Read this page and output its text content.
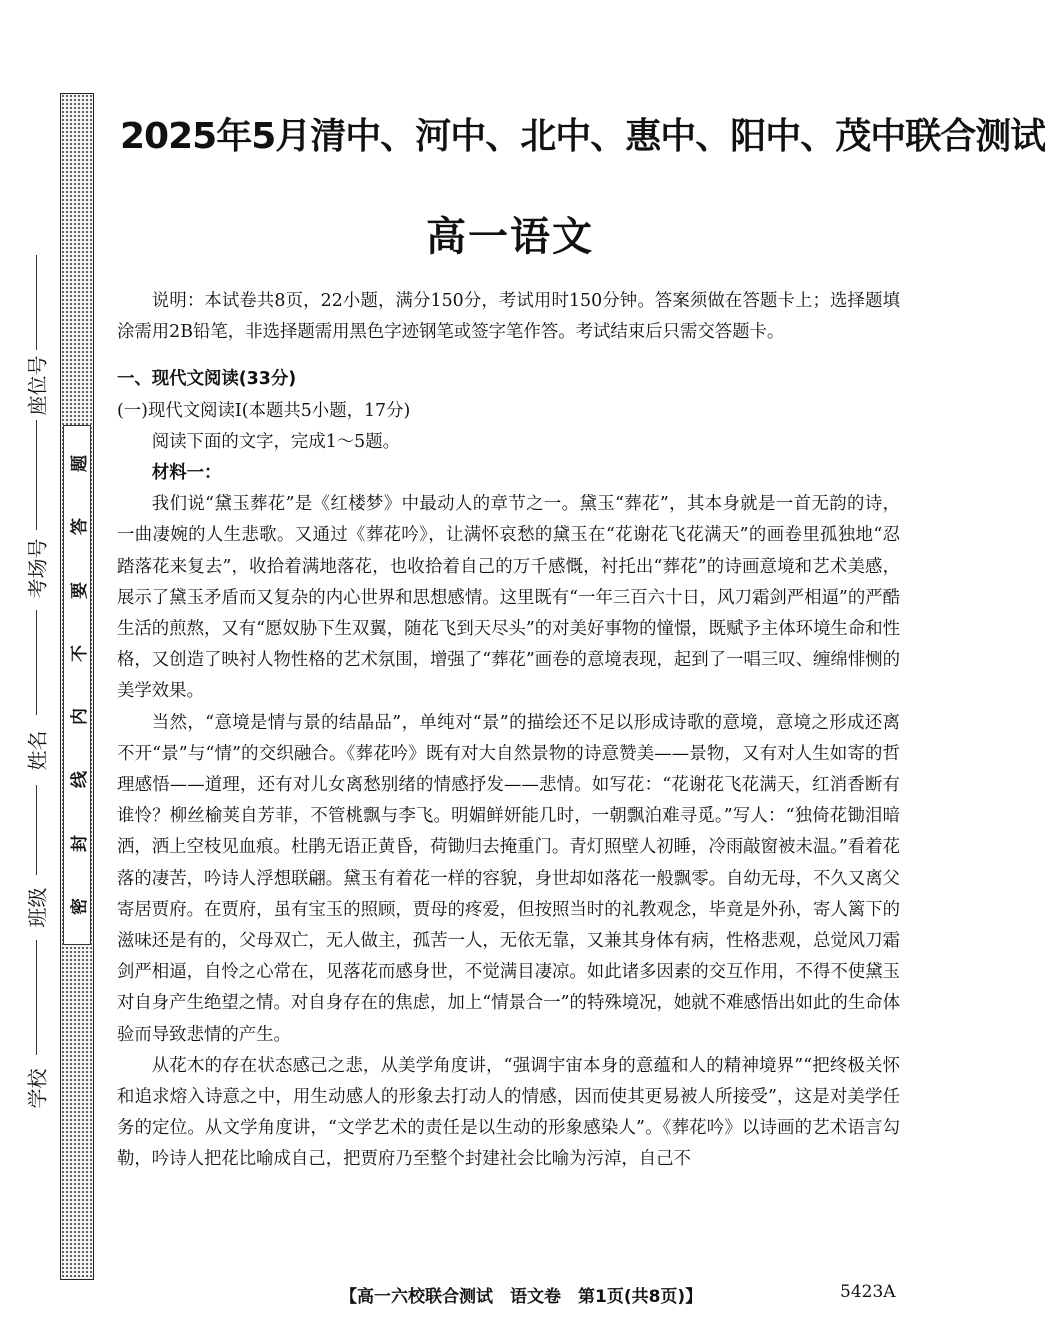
密
封
线
内
不
要
答
题
座位号
考场号
姓名
班级
学校
2025年5月清中、河中、北中、惠中、阳中、茂中联合测试
高一语文

说明：本试卷共8页，22小题，满分150分，考试用时150分钟。答案须做在答题卡上；选择题填涂需用2B铅笔，非选择题需用黑色字迹钢笔或签字笔作答。考试结束后只需交答题卡。

一、现代文阅读(33分)

(一)现代文阅读Ⅰ(本题共5小题，17分)

阅读下面的文字，完成1～5题。

材料一：

我们说“黛玉葬花”是《红楼梦》中最动人的章节之一。黛玉“葬花”，其本身就是一首无韵的诗，一曲凄婉的人生悲歌。又通过《葬花吟》，让满怀哀愁的黛玉在“花谢花飞花满天”的画卷里孤独地“忍踏落花来复去”，收拾着满地落花，也收拾着自己的万千感慨，衬托出“葬花”的诗画意境和艺术美感，展示了黛玉矛盾而又复杂的内心世界和思想感情。这里既有“一年三百六十日，风刀霜剑严相逼”的严酷生活的煎熬，又有“愿奴胁下生双翼，随花飞到天尽头”的对美好事物的憧憬，既赋予主体环境生命和性格，又创造了映衬人物性格的艺术氛围，增强了“葬花”画卷的意境表现，起到了一唱三叹、缠绵悱恻的美学效果。

当然，“意境是情与景的结晶品”，单纯对“景”的描绘还不足以形成诗歌的意境，意境之形成还离不开“景”与“情”的交织融合。《葬花吟》既有对大自然景物的诗意赞美——景物，又有对人生如寄的哲理感悟——道理，还有对儿女离愁别绪的情感抒发——悲情。如写花：“花谢花飞花满天，红消香断有谁怜？柳丝榆荚自芳菲，不管桃飘与李飞。明媚鲜妍能几时，一朝飘泊难寻觅。”写人：“独倚花锄泪暗洒，洒上空枝见血痕。杜鹃无语正黄昏，荷锄归去掩重门。青灯照壁人初睡，冷雨敲窗被未温。”看着花落的凄苦，吟诗人浮想联翩。黛玉有着花一样的容貌，身世却如落花一般飘零。自幼无母，不久又离父寄居贾府。在贾府，虽有宝玉的照顾，贾母的疼爱，但按照当时的礼教观念，毕竟是外孙，寄人篱下的滋味还是有的，父母双亡，无人做主，孤苦一人，无依无靠，又兼其身体有病，性格悲观，总觉风刀霜剑严相逼，自怜之心常在，见落花而感身世，不觉满目凄凉。如此诸多因素的交互作用，不得不使黛玉对自身产生绝望之情。对自身存在的焦虑，加上“情景合一”的特殊境况，她就不难感悟出如此的生命体验而导致悲情的产生。

从花木的存在状态感己之悲，从美学角度讲，“强调宇宙本身的意蕴和人的精神境界”“把终极关怀和追求熔入诗意之中，用生动感人的形象去打动人的情感，因而使其更易被人所接受”，这是对美学任务的定位。从文学角度讲，“文学艺术的责任是以生动的形象感染人”。《葬花吟》以诗画的艺术语言勾勒，吟诗人把花比喻成自己，把贾府乃至整个封建社会比喻为污淖，自己不

【高一六校联合测试　语文卷　第1页(共8页)】	5423A
